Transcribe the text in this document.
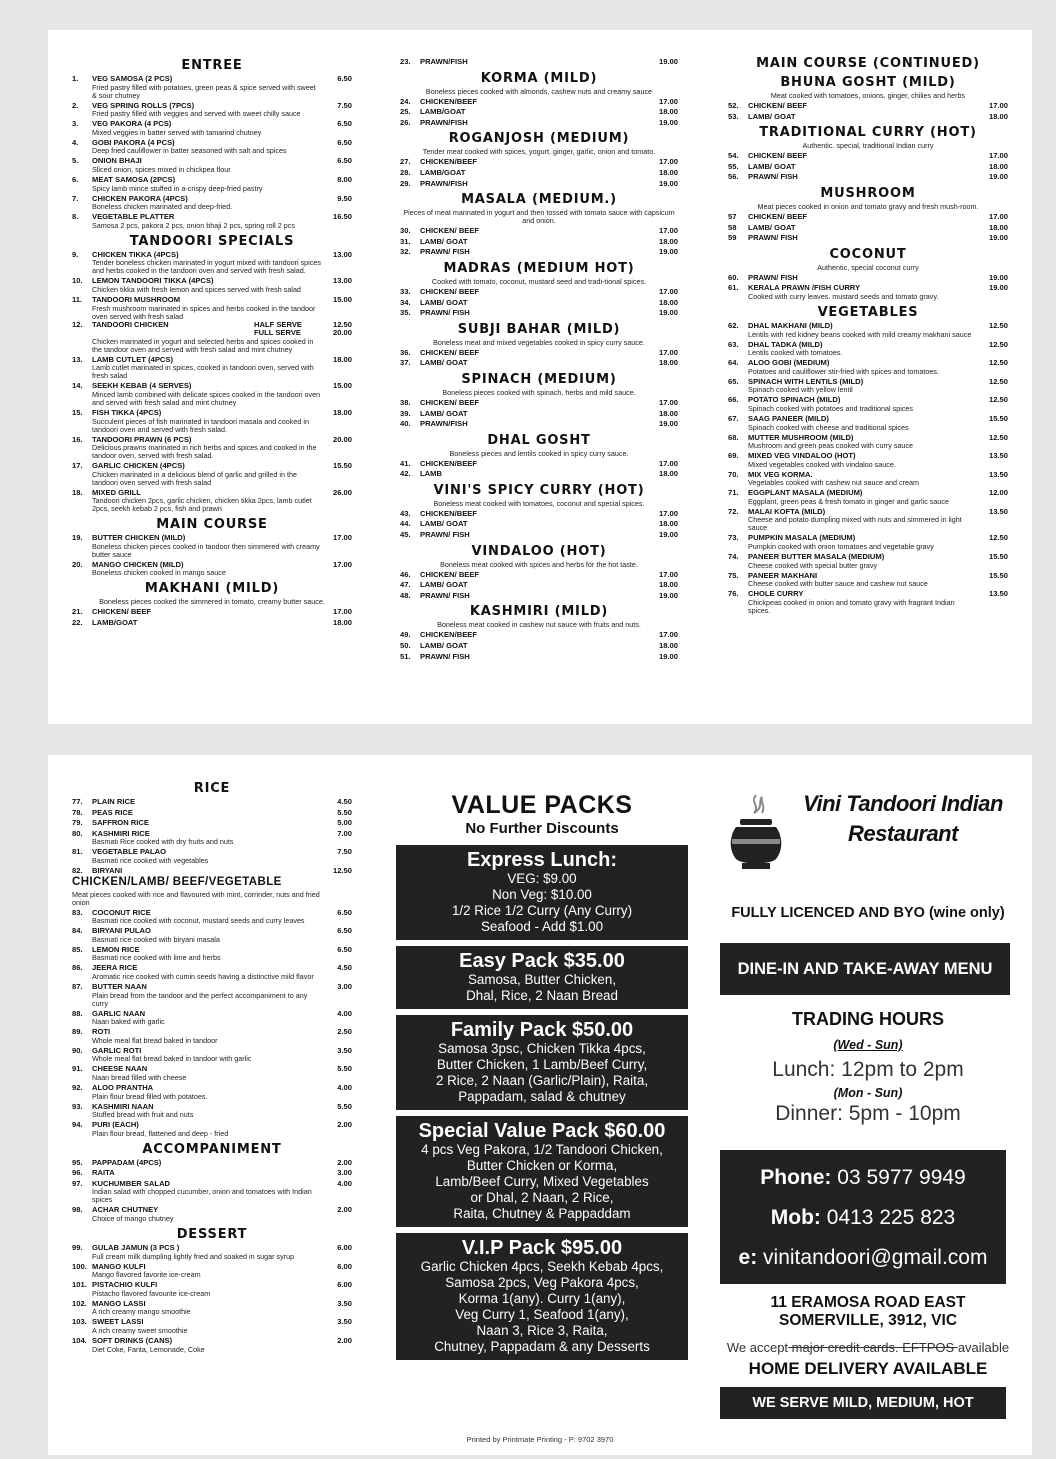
ENTREE
1.	VEG SAMOSA (2 PCS)	6.50
Fried pastry filled with potatoes, green peas & spice served with sweet & sour chutney
2.	VEG SPRING ROLLS (7PCS)	7.50
Fried pastry filled with veggies and served with sweet chilly sauce
3.	VEG PAKORA (4 PCS)	6.50
Mixed veggies in batter served with tamarind chutney
4.	GOBI PAKORA (4 PCS)	6.50
Deep fried cauliflower in batter seasoned with salt and spices
5.	ONION BHAJI	6.50
Sliced onion, spices mixed in chickpea flour
6.	MEAT SAMOSA (2PCS)	8.00
Spicy lamb mince stuffed in a-crispy deep-fried pastry
7.	CHICKEN PAKORA (4PCS)	9.50
Boneless chicken marinated and deep-fried.
8.	VEGETABLE PLATTER	16.50
Samosa 2 pcs, pakora 2 pcs, onion bhaji 2 pcs, spring roll 2 pcs
TANDOORI SPECIALS
9.	CHICKEN TIKKA (4PCS)	13.00
Tender boneless chicken marinated in yogurt mixed with tandoori spices and herbs cooked in the tandoori oven and served with fresh salad.
10.	LEMON TANDOORI TIKKA (4PCS)	13.00
Chicken tikka with fresh lemon and spices served with fresh salad
11.	TANDOORI MUSHROOM	15.00
Fresh mushroom marinated in spices and herbs cooked in the tandoor oven served with fresh salad
12.	TANDOORI CHICKEN	HALF SERVE	12.50
FULL SERVE	20.00
Chicken marinated in yogurt and selected herbs and spices cooked in the tandoor oven and served with fresh salad and mint chutney
13.	LAMB CUTLET (4PCS)	18.00
Lamb cutlet marinated in spices, cooked in tandoori oven, served with fresh salad
14.	SEEKH KEBAB (4 SERVES)	15.00
Minced lamb combined with delicate spices cooked in the tandoori oven and served with fresh salad and mint chutney
15.	FISH TIKKA (4PCS)	18.00
Succulent pieces of fish marinated in tandoori masala and cooked in tandoori oven and served with fresh salad.
16.	TANDOORI PRAWN (6 PCS)	20.00
Delicious prawns marinated in rich herbs and spices and cooked in the tandoor oven, served with fresh salad.
17.	GARLIC CHICKEN (4PCS)	15.50
Chicken marinated in a delicious blend of garlic and grilled in the tandoori oven served with fresh salad
18.	MIXED GRILL	26.00
Tandoori chicken 2pcs, garlic chicken, chicken tikka 2pcs, lamb cutlet 2pcs, seekh kebab 2 pcs, fish and prawn
MAIN COURSE
19.	BUTTER CHICKEN (MILD)	17.00
Boneless chicken pieces cooked in tandoor then simmered with creamy butter sauce
20.	MANGO CHICKEN (MILD)	17.00
Boneless chicken cooked in mango sauce
MAKHANI (MILD)
Boneless pieces cooked the simmered in tomato, creamy butter sauce.
21.	CHICKEN/ BEEF	17.00
22.	LAMB/GOAT	18.00
23.	PRAWN/FISH	19.00
KORMA (MILD)
Boneless pieces cooked with almonds, cashew nuts and creamy sauce
24.	CHICKEN/BEEF	17.00
25.	LAMB/GOAT	18.00
26.	PRAWN/FISH	19.00
ROGANJOSH (MEDIUM)
Tender meat cooked with spices, yogurt, ginger, garlic, onion and tomato.
27.	CHICKEN/BEEF	17.00
28.	LAMB/GOAT	18.00
29.	PRAWN/FISH	19.00
MASALA (MEDIUM.)
Pieces of meat marinated in yogurt and then tossed with tomato sauce with capsicum and onion.
30.	CHICKEN/ BEEF	17.00
31.	LAMB/ GOAT	18.00
32.	PRAWN/ FISH	19.00
MADRAS (MEDIUM HOT)
Cooked with tomato, coconut, mustard seed and tradi-tional spices.
33.	CHICKEN/ BEEF	17.00
34.	LAMB/ GOAT	18.00
35.	PRAWN/ FISH	19.00
SUBJI BAHAR (MILD)
Boneless meat and mixed vegetables cooked in spicy curry sauce.
36.	CHICKEN/ BEEF	17.00
37.	LAMB/ GOAT	18.00
SPINACH (MEDIUM)
Boneless pieces cooked with spinach, herbs and mild sauce.
38.	CHICKEN/ BEEF	17.00
39.	LAMB/ GOAT	18.00
40.	PRAWN/FISH	19.00
DHAL GOSHT
Boneless pieces and lentils cooked in spicy curry sauce.
41.	CHICKEN/BEEF	17.00
42.	LAMB	18.00
VINI'S SPICY CURRY (HOT)
Boneless meat cooked with tomatoes, coconut and special spices.
43.	CHICKEN/BEEF	17.00
44.	LAMB/ GOAT	18.00
45.	PRAWN/ FISH	19.00
VINDALOO (HOT)
Boneless meat cooked with spices and herbs for the hot taste.
46.	CHICKEN/ BEEF	17.00
47.	LAMB/ GOAT	18.00
48.	PRAWN/ FISH	19.00
KASHMIRI (MILD)
Boneless meat cooked in cashew nut sauce with fruits and nuts.
49.	CHICKEN/BEEF	17.00
50.	LAMB/ GOAT	18.00
51.	PRAWN/ FISH	19.00
MAIN COURSE (CONTINUED)
BHUNA GOSHT (MILD)
Meat cooked with tomatoes, onions, ginger, chilies and herbs
52.	CHICKEN/ BEEF	17.00
53.	LAMB/ GOAT	18.00
TRADITIONAL CURRY (HOT)
Authentic. special, traditional Indian curry
54.	CHICKEN/ BEEF	17.00
55.	LAMB/ GOAT	18.00
56.	PRAWN/ FISH	19.00
MUSHROOM
Meat pieces cooked in onion and tomato gravy and fresh mush-room.
57	CHICKEN/ BEEF	17.00
58	LAMB/ GOAT	18.00
59	PRAWN/ FISH	19.00
COCONUT
Authentic, special coconut curry
60.	PRAWN/ FISH	19.00
61.	KERALA PRAWN /FISH CURRY	19.00
Cooked with curry leaves. mustard seeds and tomato gravy.
VEGETABLES
62.	DHAL MAKHANI (MILD)	12.50
Lentils with red kidney beans cooked with mild creamy makhani sauce
63.	DHAL TADKA (MILD)	12.50
Lentils cooked with tomatoes.
64.	ALOO GOBI (MEDIUM)	12.50
Potatoes and cauliflower stir-fried with spices and tomatoes.
65.	SPINACH WITH LENTILS (MILD)	12.50
Spinach cooked with yellow lentil
66.	POTATO SPINACH (MILD)	12.50
Spinach cooked with potatoes and traditional spices
67.	SAAG PANEER (MILD)	15.50
Spinach cooked with cheese and traditional spices
68.	MUTTER MUSHROOM (MILD)	12.50
Mushroom and green peas cooked with curry sauce
69.	MIXED VEG VINDALOO (HOT)	13.50
Mixed vegetables cooked with vindaloo sauce.
70.	MIX VEG KORMA.	13.50
Vegetables cooked with cashew nut sauce and cream
71.	EGGPLANT MASALA (MEDIUM)	12.00
Eggplant, green peas & fresh tomato in ginger and garlic sauce
72.	MALAI KOFTA (MILD)	13.50
Cheese and potato dumpling mixed with nuts and simmered in light sauce
73.	PUMPKIN MASALA (MEDIUM)	12.50
Pumpkin cooked with onion tomatoes and vegetable gravy
74.	PANEER BUTTER MASALA (MEDIUM)	15.50
Cheese cooked with special butter gravy
75.	PANEER MAKHANI	15.50
Cheese cooked with butter sauce and cashew nut sauce
76.	CHOLE CURRY	13.50
Chickpeas cooked in onion and tomato gravy with fragrant Indian spices.
RICE
77.	PLAIN RICE	4.50
78.	PEAS RICE	5.50
79.	SAFFRON RICE	5.00
80.	KASHMIRI RICE	7.00
Basmati Rice cooked with dry fruits and nuts
81.	VEGETABLE PALAO	7.50
Basmati rice cooked with vegetables
82.	BIRYANI	12.50
CHICKEN/LAMB/ BEEF/VEGETABLE
Meat pieces cooked with rice and flavoured with mint, corrinder, nuts and fried onion
83.	COCONUT RICE	6.50
Basmati rice cooked with coconut, mustard seeds and curry leaves
84.	BIRYANI PULAO	6.50
Basmati rice cooked with biryani masala
85.	LEMON RICE	6.50
Basmati rice cooked with lime and herbs
86.	JEERA RICE	4.50
Aromatic rice cooked with cumin seeds having a distinctive mild flavor
87.	BUTTER NAAN	3.00
Plain bread from the tandoor and the perfect accompaniment to any curry
88.	GARLIC NAAN	4.00
Naan baked with garlic
89.	ROTI	2.50
Whole meal flat bread baked in tandoor
90.	GARLIC ROTI	3.50
Whole meal flat bread baked in tandoor with garlic
91.	CHEESE NAAN	5.50
Naan bread filled with cheese
92.	ALOO PRANTHA	4.00
Plain flour bread filled with potatoes.
93.	KASHMIRI NAAN	5.50
Stuffed bread with fruit and nuts
94.	PURI (EACH)	2.00
Plain flour bread, flattened and deep - fried
ACCOMPANIMENT
95.	PAPPADAM (4PCS)	2.00
96.	RAITA	3.00
97.	KUCHUMBER SALAD	4.00
Indian salad with chopped cucumber, onion and tomatoes with Indian spices
98.	ACHAR CHUTNEY	2.00
Choice of mango chutney
DESSERT
99.	GULAB JAMUN (3 PCS )	6.00
Full cream milk dumpling lightly fried and soaked in sugar syrup
100. MANGO KULFI	6.00
Mango flavored favorite ice-cream
101. PISTACHIO KULFI	6.00
Pistacho flavored favourite ice-cream
102. MANGO LASSI	3.50
A rich creamy mango smoothie
103. SWEET LASSI	3.50
A rich creamy sweet smoothie
104. SOFT DRINKS (CANS)	2.00
Diet Coke, Fanta, Lemonade, Coke
VALUE PACKS
No Further Discounts
Express Lunch:
VEG: $9.00
Non Veg: $10.00
1/2 Rice 1/2 Curry (Any Curry)
Seafood - Add $1.00
Easy Pack $35.00
Samosa, Butter Chicken,
Dhal, Rice, 2 Naan Bread
Family Pack $50.00
Samosa 3psc, Chicken Tikka 4pcs,
Butter Chicken, 1 Lamb/Beef Curry,
2 Rice, 2 Naan (Garlic/Plain), Raita,
Pappadam, salad & chutney
Special Value Pack $60.00
4 pcs Veg Pakora, 1/2 Tandoori Chicken,
Butter Chicken or Korma,
Lamb/Beef Curry, Mixed Vegetables
or Dhal, 2 Naan, 2 Rice,
Raita, Chutney & Pappaddam
V.I.P Pack $95.00
Garlic Chicken 4pcs, Seekh Kebab 4pcs,
Samosa 2pcs, Veg Pakora 4pcs,
Korma 1(any). Curry 1(any),
Veg Curry 1, Seafood 1(any),
Naan 3, Rice 3, Raita,
Chutney, Pappadam & any Desserts
Vini Tandoori Indian
Restaurant
FULLY LICENCED AND BYO (wine only)
DINE-IN AND TAKE-AWAY MENU
TRADING HOURS
(Wed - Sun)
Lunch: 12pm to 2pm
(Mon - Sun)
Dinner: 5pm - 10pm
Phone: 03 5977 9949
Mob: 0413 225 823
e: vinitandoori@gmail.com
11 ERAMOSA ROAD EAST
SOMERVILLE, 3912, VIC
We accept major credit cards. EFTPOS available
HOME DELIVERY AVAILABLE
WE SERVE MILD, MEDIUM, HOT
Printed by Printmate Printing - P: 9702 3970
